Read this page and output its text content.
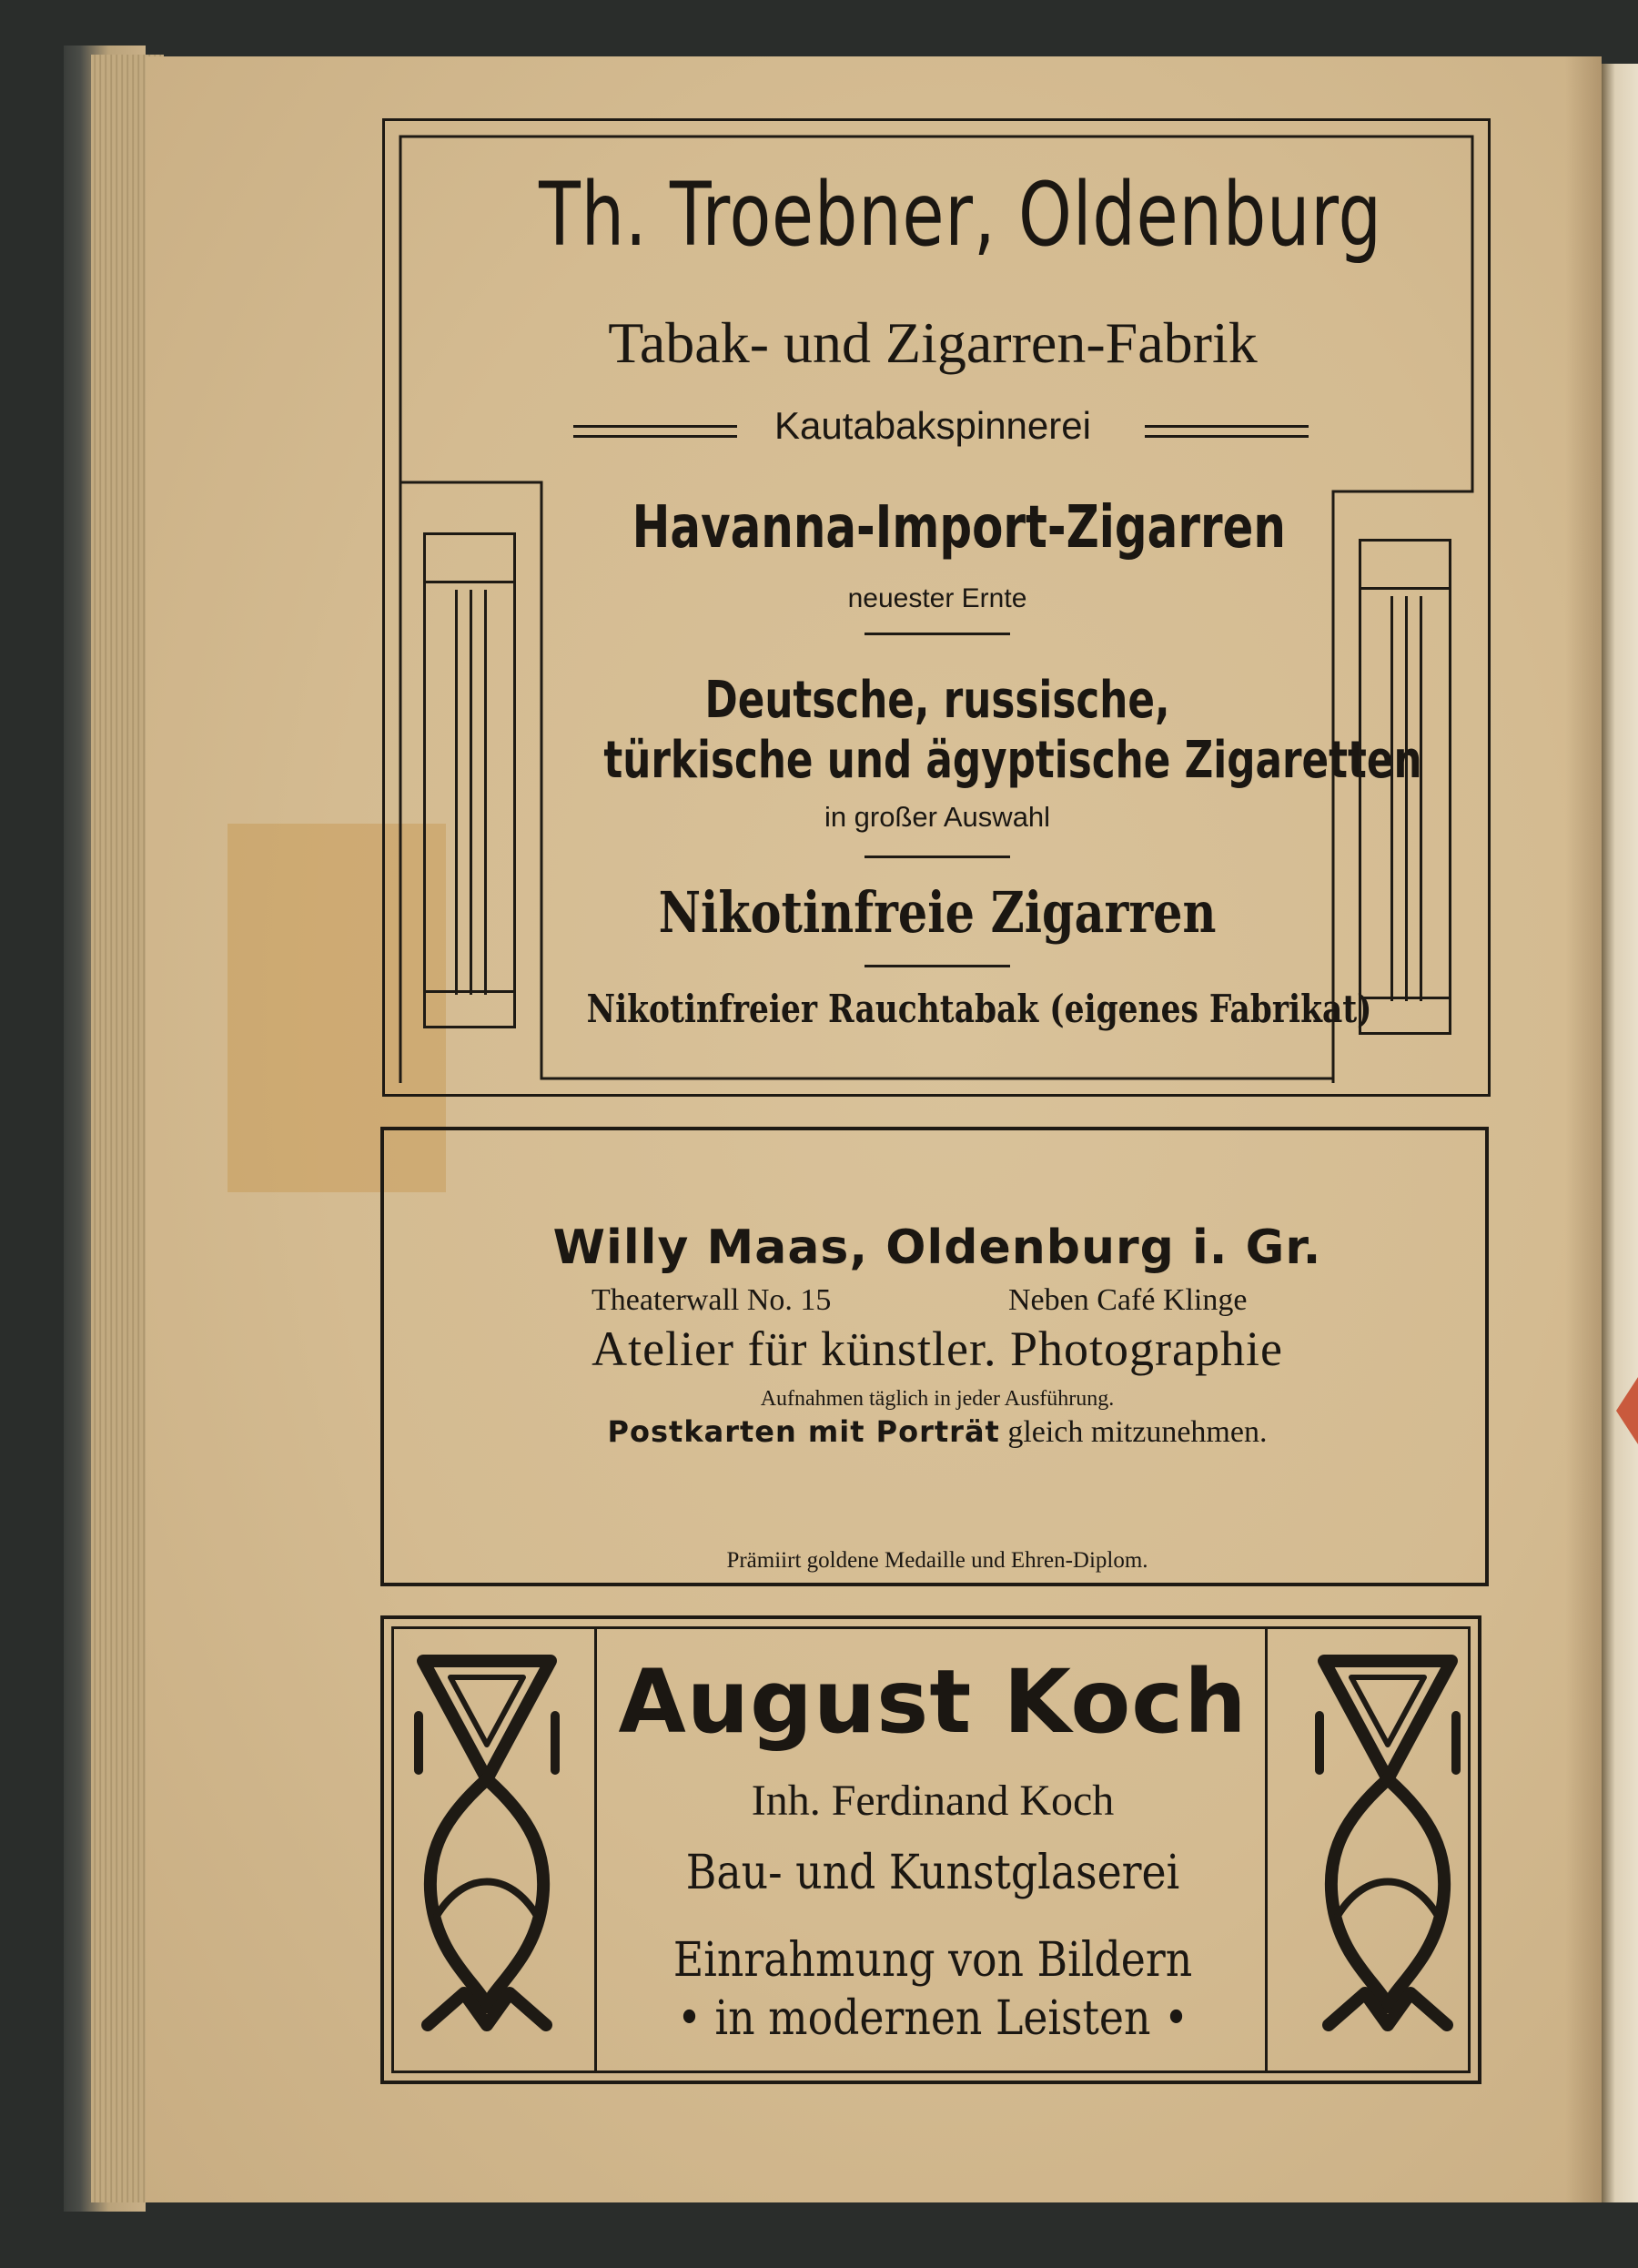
Th. Troebner, Oldenburg
Tabak- und Zigarren-Fabrik
Kautabakspinnerei
Havanna-Import-Zigarren
neuester Ernte
Deutsche, russische,
türkische und ägyptische Zigaretten
in großer Auswahl
Nikotinfreie Zigarren
Nikotinfreier Rauchtabak (eigenes Fabrikat)
Willy Maas, Oldenburg i. Gr.
Theaterwall No. 15	Neben Café Klinge
Atelier für künstler. Photographie
Aufnahmen täglich in jeder Ausführung.
Postkarten mit Porträt gleich mitzunehmen.
Prämiirt goldene Medaille und Ehren-Diplom.
August Koch
Inh. Ferdinand Koch
Bau- und Kunstglaserei
Einrahmung von Bildern
• in modernen Leisten •
